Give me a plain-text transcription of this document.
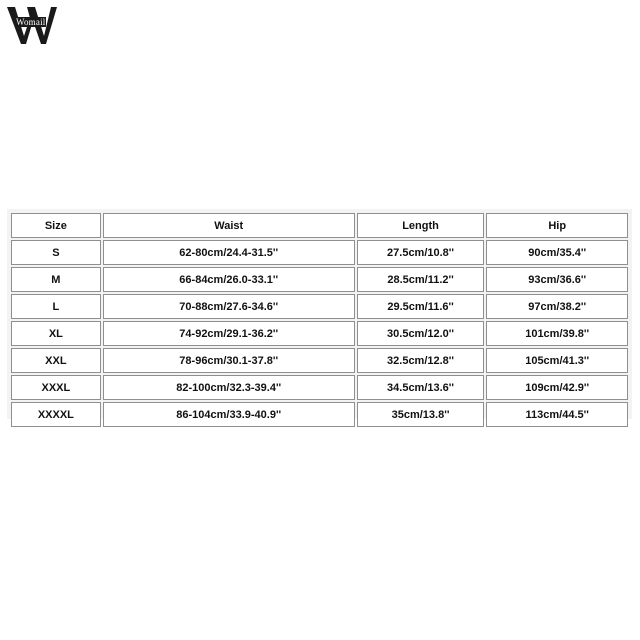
Womail
Size	Waist	Length	Hip
S	62-80cm/24.4-31.5''	27.5cm/10.8''	90cm/35.4''
M	66-84cm/26.0-33.1''	28.5cm/11.2''	93cm/36.6''
L	70-88cm/27.6-34.6''	29.5cm/11.6''	97cm/38.2''
XL	74-92cm/29.1-36.2''	30.5cm/12.0''	101cm/39.8''
XXL	78-96cm/30.1-37.8''	32.5cm/12.8''	105cm/41.3''
XXXL	82-100cm/32.3-39.4''	34.5cm/13.6''	109cm/42.9''
XXXXL	86-104cm/33.9-40.9''	35cm/13.8''	113cm/44.5''
